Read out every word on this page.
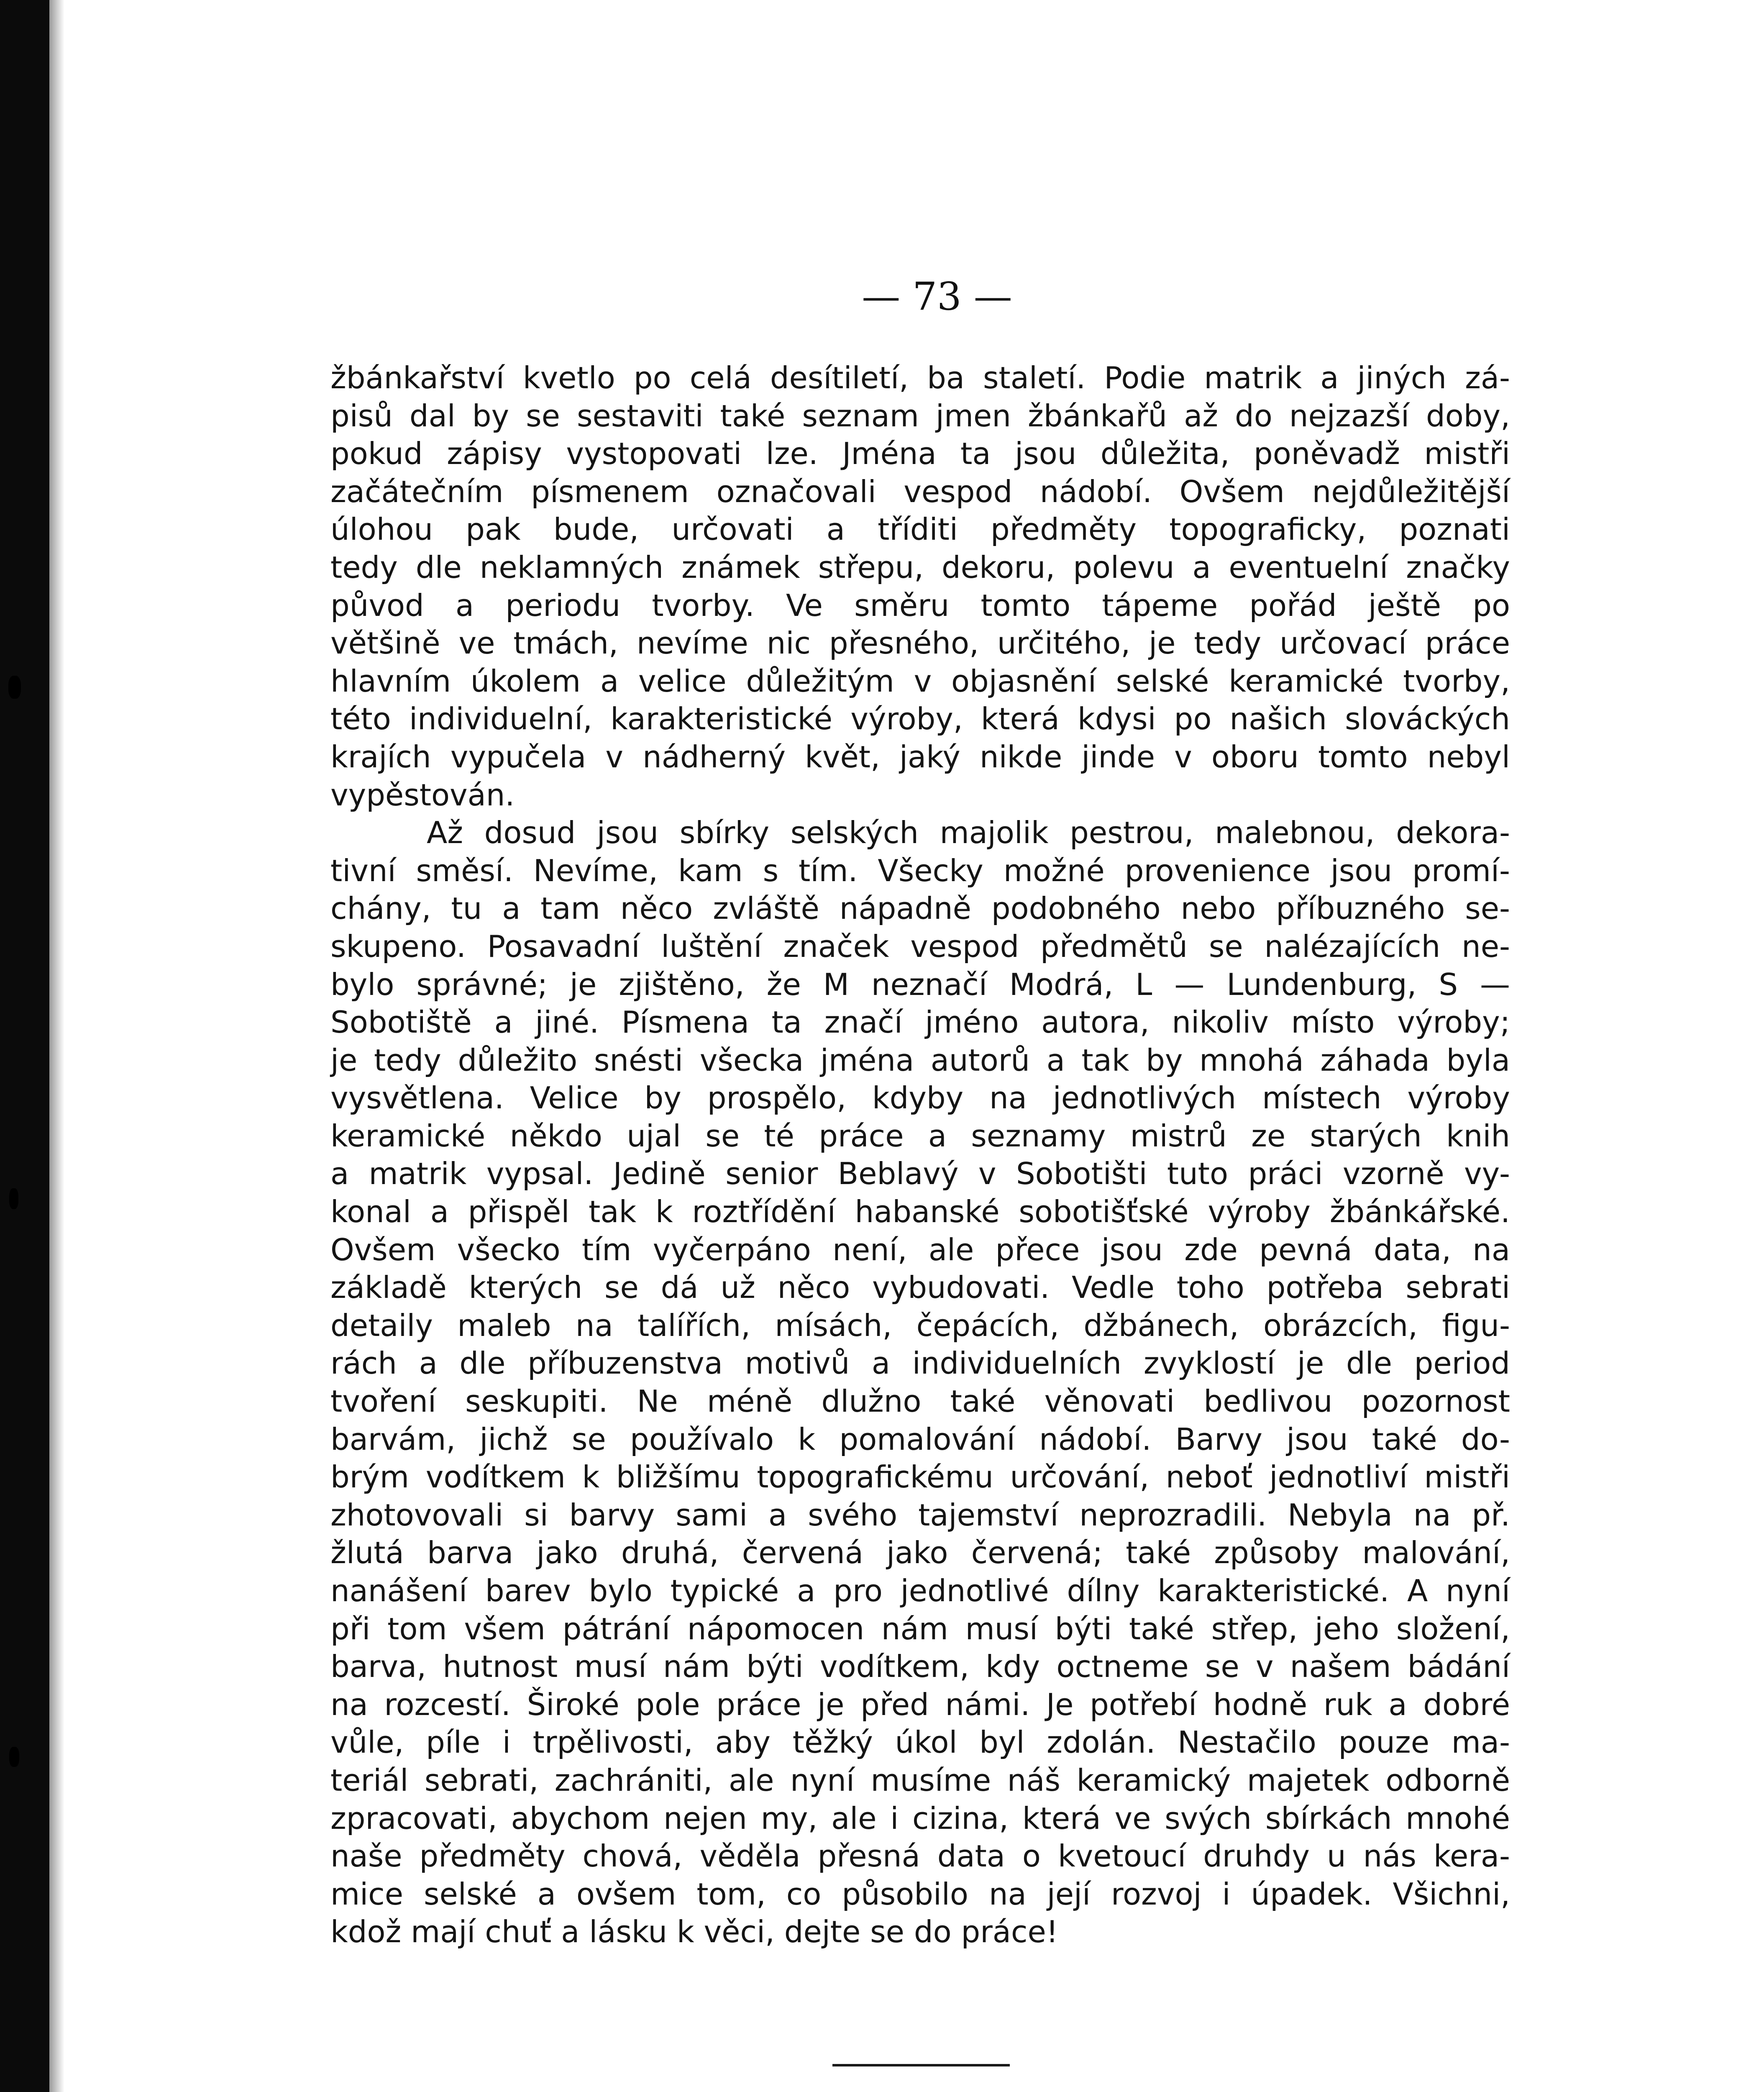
— 73 —
žbánkařství kvetlo po celá desítiletí, ba staletí. Podie matrik a jiných zá-
pisů dal by se sestaviti také seznam jmen žbánkařů až do nejzazší doby,
pokud zápisy vystopovati lze. Jména ta jsou důležita, poněvadž mistři
začátečním písmenem označovali vespod nádobí. Ovšem nejdůležitější
úlohou pak bude, určovati a tříditi předměty topograficky, poznati
tedy dle neklamných známek střepu, dekoru, polevu a eventuelní značky
původ a periodu tvorby. Ve směru tomto tápeme pořád ještě po
většině ve tmách, nevíme nic přesného, určitého, je tedy určovací práce
hlavním úkolem a velice důležitým v objasnění selské keramické tvorby,
této individuelní, karakteristické výroby, která kdysi po našich slováckých
krajích vypučela v nádherný květ, jaký nikde jinde v oboru tomto nebyl
vypěstován.
Až dosud jsou sbírky selských majolik pestrou, malebnou, dekora-
tivní směsí. Nevíme, kam s tím. Všecky možné provenience jsou promí-
chány, tu a tam něco zvláště nápadně podobného nebo příbuzného se-
skupeno. Posavadní luštění značek vespod předmětů se nalézajících ne-
bylo správné; je zjištěno, že M neznačí Modrá, L — Lundenburg, S —
Sobotiště a jiné. Písmena ta značí jméno autora, nikoliv místo výroby;
je tedy důležito snésti všecka jména autorů a tak by mnohá záhada byla
vysvětlena. Velice by prospělo, kdyby na jednotlivých místech výroby
keramické někdo ujal se té práce a seznamy mistrů ze starých knih
a matrik vypsal. Jedině senior Beblavý v Sobotišti tuto práci vzorně vy-
konal a přispěl tak k roztřídění habanské sobotišťské výroby žbánkářské.
Ovšem všecko tím vyčerpáno není, ale přece jsou zde pevná data, na
základě kterých se dá už něco vybudovati. Vedle toho potřeba sebrati
detaily maleb na talířích, mísách, čepácích, džbánech, obrázcích, figu-
rách a dle příbuzenstva motivů a individuelních zvyklostí je dle period
tvoření seskupiti. Ne méně dlužno také věnovati bedlivou pozornost
barvám, jichž se používalo k pomalování nádobí. Barvy jsou také do-
brým vodítkem k bližšímu topografickému určování, neboť jednotliví mistři
zhotovovali si barvy sami a svého tajemství neprozradili. Nebyla na př.
žlutá barva jako druhá, červená jako červená; také způsoby malování,
nanášení barev bylo typické a pro jednotlivé dílny karakteristické. A nyní
při tom všem pátrání nápomocen nám musí býti také střep, jeho složení,
barva, hutnost musí nám býti vodítkem, kdy octneme se v našem bádání
na rozcestí. Široké pole práce je před námi. Je potřebí hodně ruk a dobré
vůle, píle i trpělivosti, aby těžký úkol byl zdolán. Nestačilo pouze ma-
teriál sebrati, zachrániti, ale nyní musíme náš keramický majetek odborně
zpracovati, abychom nejen my, ale i cizina, která ve svých sbírkách mnohé
naše předměty chová, věděla přesná data o kvetoucí druhdy u nás kera-
mice selské a ovšem tom, co působilo na její rozvoj i úpadek. Všichni,
kdož mají chuť a lásku k věci, dejte se do práce!
